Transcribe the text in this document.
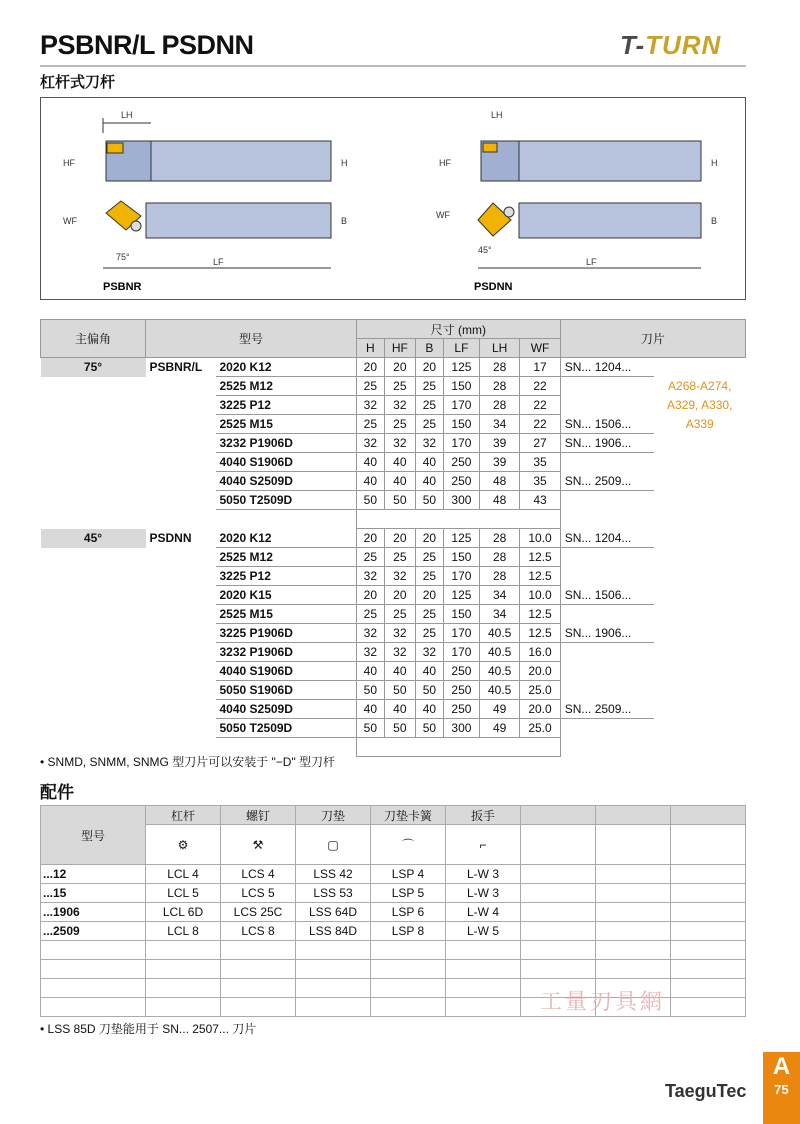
PSBNR/L PSDNN
杠杆式刀杆
T-TURN
LH
HF	H
WF	B
75°	LF
PSBNR
LH
HF	H
WF
B
45°
LF
PSDNN
主偏角	型号		尺寸 (mm)						刀片	
			H	HF	B	LF	LH	WF		
75°	PSBNR/L	2020 K12	20	20	20	125	28	17	SN... 1204...	
		2525 M12	25	25	25	150	28	22		A268-A274,
		3225 P12	32	32	25	170	28	22		A329, A330,
		2525 M15	25	25	25	150	34	22	SN... 1506...	A339
		3232 P1906D	32	32	32	170	39	27	SN... 1906...	
		4040 S1906D	40	40	40	250	39	35		
		4040 S2509D	40	40	40	250	48	35	SN... 2509...	
		5050 T2509D	50	50	50	300	48	43		

45°	PSDNN	2020 K12	20	20	20	125	28	10.0	SN... 1204...	
		2525 M12	25	25	25	150	28	12.5		
		3225 P12	32	32	25	170	28	12.5		
		2020 K15	20	20	20	125	34	10.0	SN... 1506...	
		2525 M15	25	25	25	150	34	12.5		
		3225 P1906D	32	32	25	170	40.5	12.5	SN... 1906...	
		3232 P1906D	32	32	32	170	40.5	16.0		
		4040 S1906D	40	40	40	250	40.5	20.0		
		5050 S1906D	50	50	50	250	40.5	25.0		
		4040 S2509D	40	40	40	250	49	20.0	SN... 2509...	
		5050 T2509D	50	50	50	300	49	25.0		

• SNMD, SNMM, SNMG 型刀片可以安装于 "−D" 型刀杆
配件
型号	杠杆	螺钉	刀垫	刀垫卡簧	扳手			
	⚙	⚒	▢	⌒	⌐			
...12	LCL 4	LCS 4	LSS 42	LSP 4	L-W 3			
...15	LCL 5	LCS 5	LSS 53	LSP 5	L-W 3			
...1906	LCL 6D	LCS 25C	LSS 64D	LSP 6	L-W 4			
...2509	LCL 8	LCS 8	LSS 84D	LSP 8	L-W 5			

工量刃具網
• LSS 85D 刀垫能用于 SN... 2507... 刀片
TaeguTec
A
75
